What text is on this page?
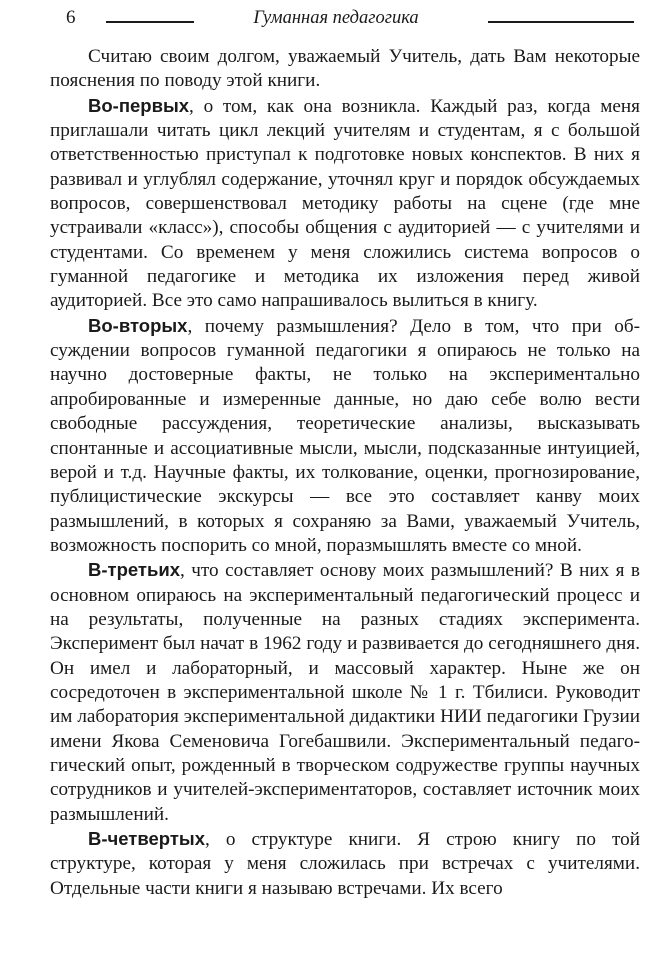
6	Гуманная педагогика

Считаю своим долгом, уважаемый Учитель, дать Вам некоторые пояснения по поводу этой книги.

Во-первых, о том, как она возникла. Каждый раз, когда меня приглашали читать цикл лекций учителям и студентам, я с большой ответственностью приступал к подготовке новых конспектов. В них я развивал и углублял содержание, уточнял круг и порядок обсуждаемых вопросов, совершенствовал методику работы на сцене (где мне устраивали «класс»), способы общения с аудиторией — с учителями и студентами. Со временем у меня сложились система вопросов о гуманной педагогике и методика их изложения перед живой аудиторией. Все это само напрашивалось вылиться в книгу.

Во-вторых, почему размышления? Дело в том, что при обсуждении вопросов гуманной педагогики я опираюсь не только на научно достоверные факты, не только на экспериментально апробированные и измеренные данные, но даю себе волю вести свободные рассуждения, теоретические анализы, высказывать спонтанные и ассоциативные мысли, мысли, подсказанные интуицией, верой и т.д. Научные факты, их толкование, оценки, прогнозирование, публицистические экскурсы — все это составляет канву моих размышлений, в которых я сохраняю за Вами, уважаемый Учитель, возможность поспорить со мной, поразмышлять вместе со мной.

В-третьих, что составляет основу моих размышлений? В них я в основном опираюсь на экспериментальный педагогический процесс и на результаты, полученные на разных стадиях эксперимента. Эксперимент был начат в 1962 году и развивается до сегодняшнего дня. Он имел и лабораторный, и массовый характер. Ныне же он сосредоточен в экспериментальной школе № 1 г. Тбилиси. Руководит им лаборатория экспериментальной дидактики НИИ педагогики Грузии имени Якова Семеновича Гогебашвили. Экспериментальный педагогический опыт, рожденный в творческом содружестве группы научных сотрудников и учителей-экспериментаторов, составляет источник моих размышлений.

В-четвертых, о структуре книги. Я строю книгу по той структуре, которая у меня сложилась при встречах с учителями. Отдельные части книги я называю встречами. Их всего
